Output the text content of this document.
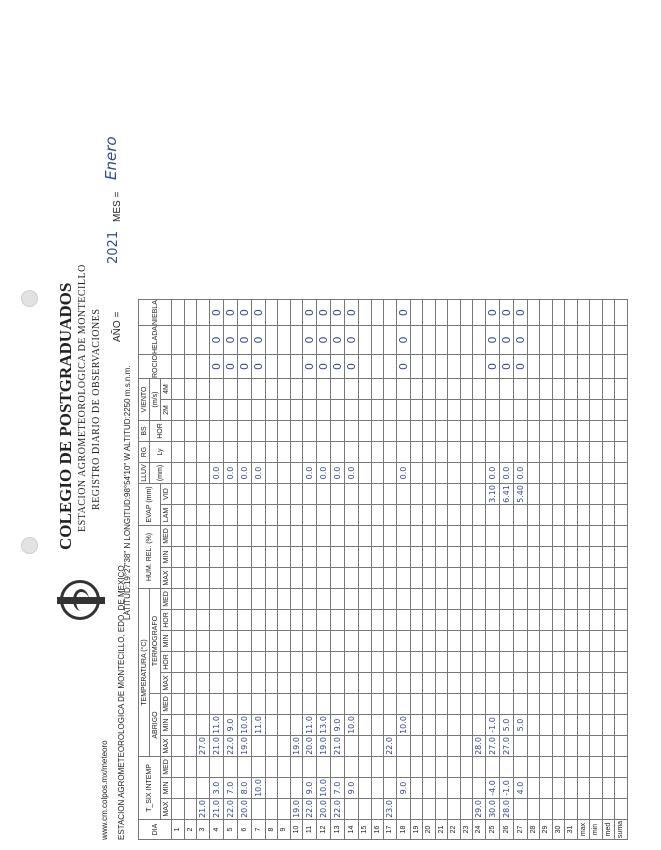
COLEGIO DE POSTGRADUADOS ESTACION AGROMETEOROLOGICA DE MONTECILLO REGISTRO DIARIO DE OBSERVACIONES AÑO =
2021
MES =
Enero
www.cm.colpos.mx/meteoro ESTACION AGROMETEOROLOGICA DE MONTECILLO, EDO. DE MEXICO
LATITUD:19°27'38" N LONGITUD:98°54'10" W ALTITUD:2250 m.s.n.m.
DIA	T_SIX INTEMP			TEMPERATURA (°C)								HUM. REL. (%)			EVAP (mm)		LLUV	RG	BS	VIENTO		ROCIO	HELADA	NIEBLA
				ABRIGO			TERMOGRAFO										(mm)	Ly	HOR	(m/s)				
	MAX	MIN	MED	MAX	MIN	MED	MAX	HOR	MIN	HOR	MED	MAX	MIN	MED	LAM	VID				2M	4M			
1																								
2																								
3	21.0			27.0																				
4	21.0	3.0		21.0	11.0												0.0					0	0	0
5	22.0	7.0		22.0	9.0												0.0					0	0	0
6	20.0	8.0		19.0	10.0												0.0					0	0	0
7		10.0			11.0												0.0					0	0	0
8																								
9																								
10	19.0			19.0																				
11	22.0	9.0		20.0	11.0												0.0					0	0	0
12	20.0	10.0		19.0	13.0												0.0					0	0	0
13	22.0	7.0		21.0	9.0												0.0					0	0	0
14		9.0			10.0												0.0					0	0	0
15																								
16																								
17	23.0			22.0																				
18		9.0			10.0												0.0					0	0	0
19																								
20																								
21																								
22																								
23																								
24	29.0			28.0																				
25	30.0	-4.0		27.0	-1.0											3.10	0.0					0	0	0
26	28.0	-1.0		27.0	5.0											6.41	0.0					0	0	0
27		4.0			5.0											5.40	0.0					0	0	0
28																								
29																								
30																								
31																								
max																								
min																								
med																								
suma																								
